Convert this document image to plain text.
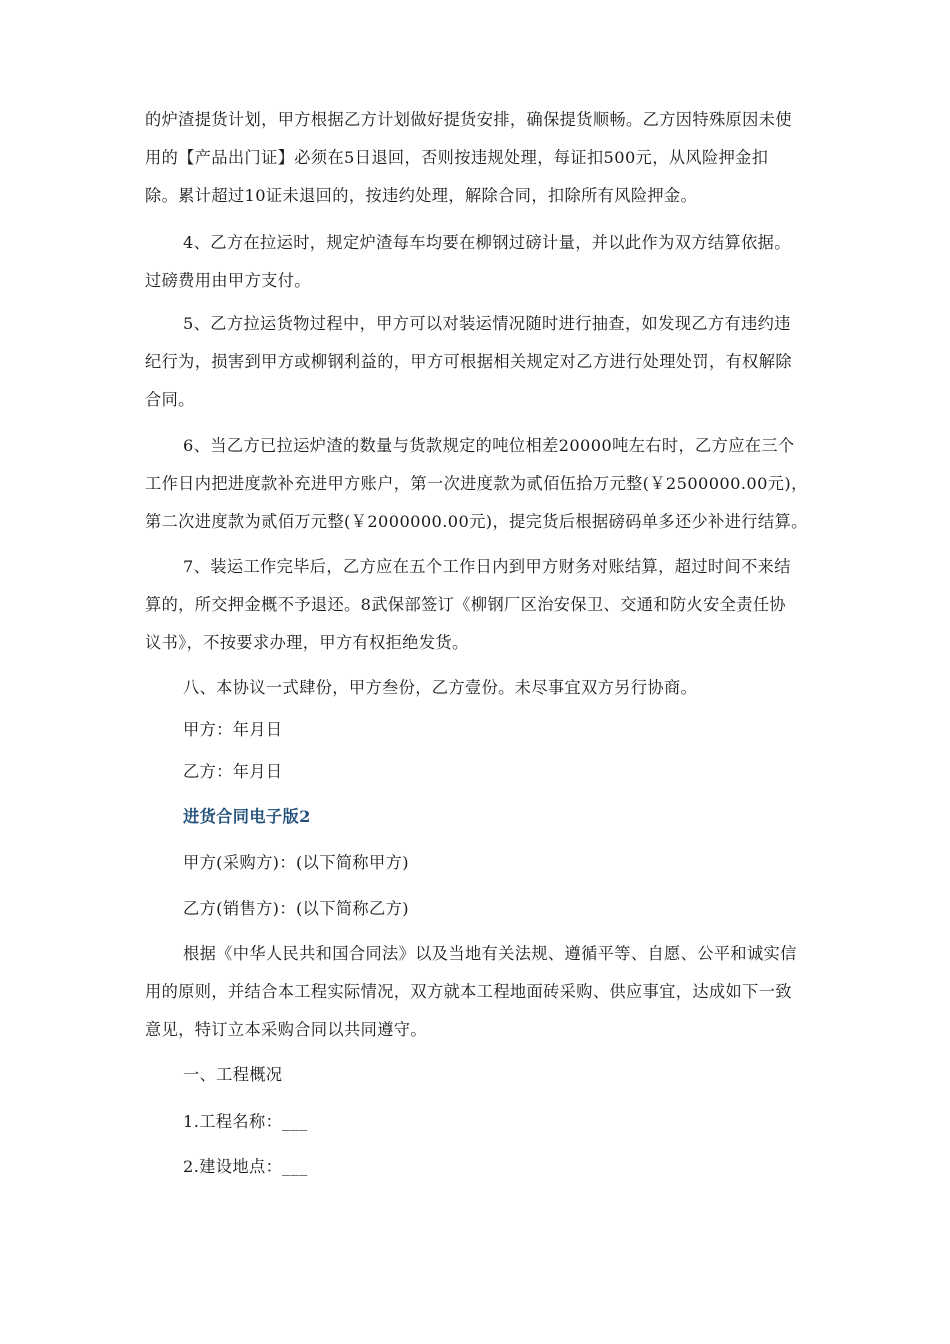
的炉渣提货计划，甲方根据乙方计划做好提货安排，确保提货顺畅。乙方因特殊原因未使
用的【产品出门证】必须在5日退回，否则按违规处理，每证扣500元，从风险押金扣
除。累计超过10证未退回的，按违约处理，解除合同，扣除所有风险押金。
4、乙方在拉运时，规定炉渣每车均要在柳钢过磅计量，并以此作为双方结算依据。
过磅费用由甲方支付。
5、乙方拉运货物过程中，甲方可以对装运情况随时进行抽查，如发现乙方有违约违
纪行为，损害到甲方或柳钢利益的，甲方可根据相关规定对乙方进行处理处罚，有权解除
合同。
6、当乙方已拉运炉渣的数量与货款规定的吨位相差20000吨左右时，乙方应在三个
工作日内把进度款补充进甲方账户，第一次进度款为贰佰伍拾万元整(￥2500000.00元)，
第二次进度款为贰佰万元整(￥2000000.00元)，提完货后根据磅码单多还少补进行结算。
7、装运工作完毕后，乙方应在五个工作日内到甲方财务对账结算，超过时间不来结
算的，所交押金概不予退还。8武保部签订《柳钢厂区治安保卫、交通和防火安全责任协
议书》，不按要求办理，甲方有权拒绝发货。
八、本协议一式肆份，甲方叁份，乙方壹份。未尽事宜双方另行协商。
甲方：年月日
乙方：年月日
进货合同电子版2
甲方(采购方)：(以下简称甲方)
乙方(销售方)：(以下简称乙方)
根据《中华人民共和国合同法》以及当地有关法规、遵循平等、自愿、公平和诚实信
用的原则，并结合本工程实际情况，双方就本工程地面砖采购、供应事宜，达成如下一致
意见，特订立本采购合同以共同遵守。
一、工程概况
1.工程名称：___
2.建设地点：___
